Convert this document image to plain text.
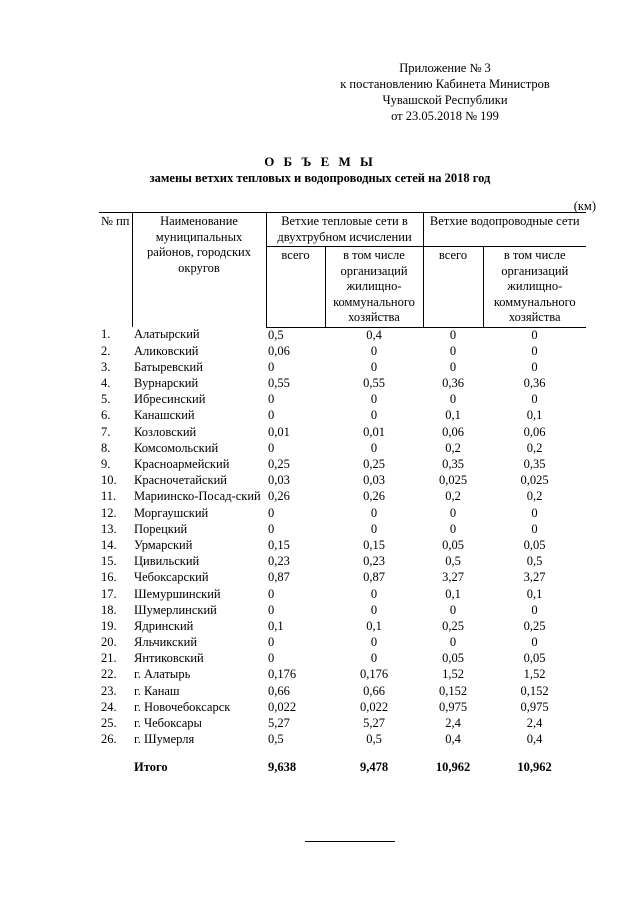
Приложение № 3
к постановлению Кабинета Министров
Чувашской Республики
от 23.05.2018 № 199
О Б Ъ Е М Ы
замены ветхих тепловых и водопроводных сетей на 2018 год
(км)
№ пп	Наименование муниципальных районов, городских округов	Ветхие тепловые сети в двухтрубном исчислении		Ветхие водопроводные сети	
		всего	в том числе организаций жилищно-коммунального хозяйства	всего	в том числе организаций жилищно-коммунального хозяйства
1.	Алатырский	0,5	0,4	0	0
2.	Аликовский	0,06	0	0	0
3.	Батыревский	0	0	0	0
4.	Вурнарский	0,55	0,55	0,36	0,36
5.	Ибресинский	0	0	0	0
6.	Канашский	0	0	0,1	0,1
7.	Козловский	0,01	0,01	0,06	0,06
8.	Комсомольский	0	0	0,2	0,2
9.	Красноармейский	0,25	0,25	0,35	0,35
10.	Красночетайский	0,03	0,03	0,025	0,025
11.	Мариинско-Посад-ский	0,26	0,26	0,2	0,2
12.	Моргаушский	0	0	0	0
13.	Порецкий	0	0	0	0
14.	Урмарский	0,15	0,15	0,05	0,05
15.	Цивильский	0,23	0,23	0,5	0,5
16.	Чебоксарский	0,87	0,87	3,27	3,27
17.	Шемуршинский	0	0	0,1	0,1
18.	Шумерлинский	0	0	0	0
19.	Ядринский	0,1	0,1	0,25	0,25
20.	Яльчикский	0	0	0	0
21.	Янтиковский	0	0	0,05	0,05
22.	г. Алатырь	0,176	0,176	1,52	1,52
23.	г. Канаш	0,66	0,66	0,152	0,152
24.	г. Новочебоксарск	0,022	0,022	0,975	0,975
25.	г. Чебоксары	5,27	5,27	2,4	2,4
26.	г. Шумерля	0,5	0,5	0,4	0,4
	Итого	9,638	9,478	10,962	10,962
